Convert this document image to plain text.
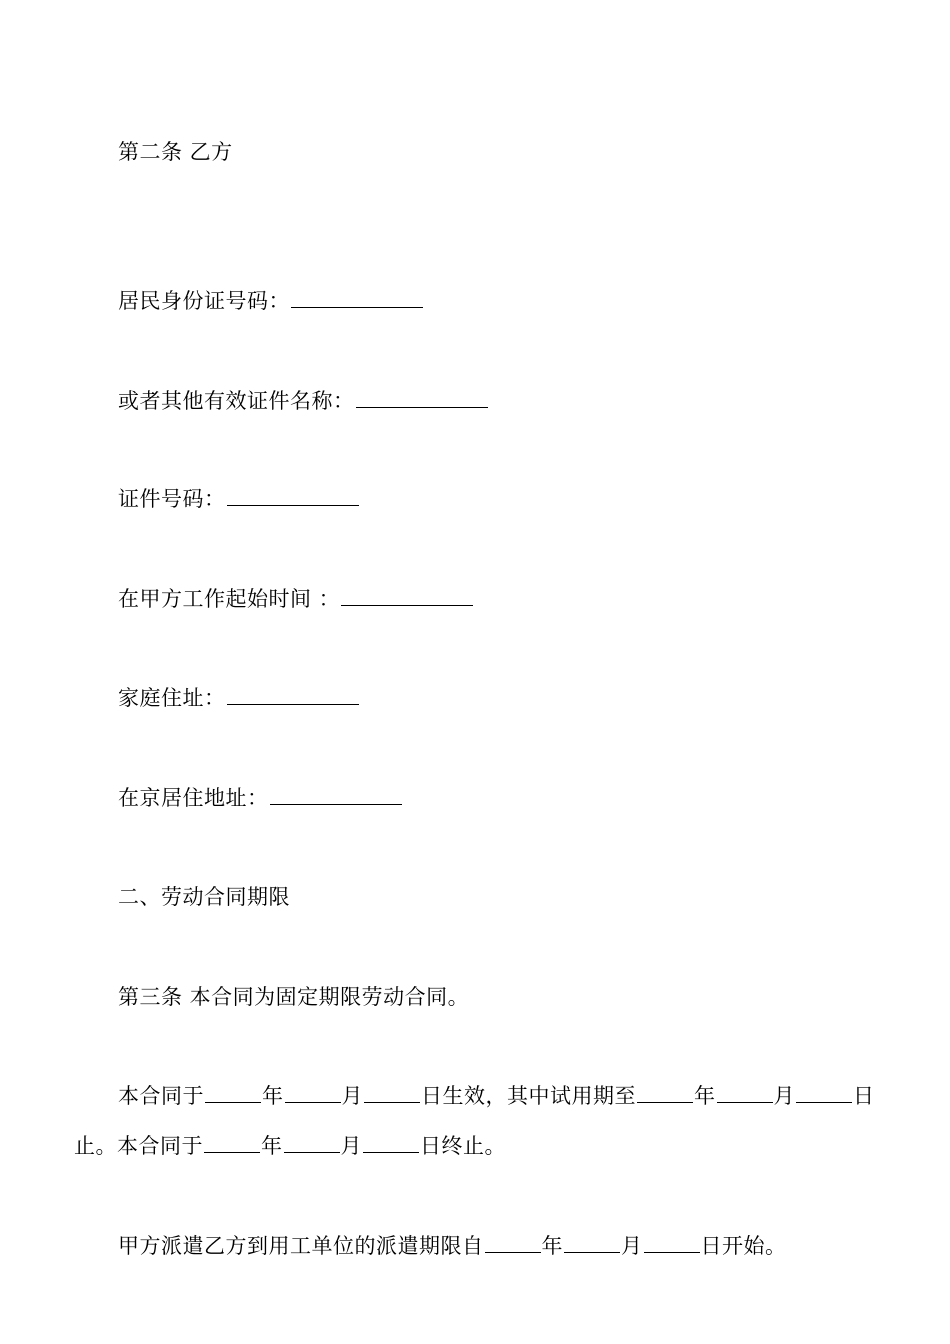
第二条 乙方
居民身份证号码：
或者其他有效证件名称：
证件号码：
在甲方工作起始时间 ：
家庭住址：
在京居住地址：
二、劳动合同期限
第三条 本合同为固定期限劳动合同。
本合同于	年	月	日生效，其中试用期至	年	月	日
止。本合同于	年	月	日终止。
甲方派遣乙方到用工单位的派遣期限自	年	月	日开始。
